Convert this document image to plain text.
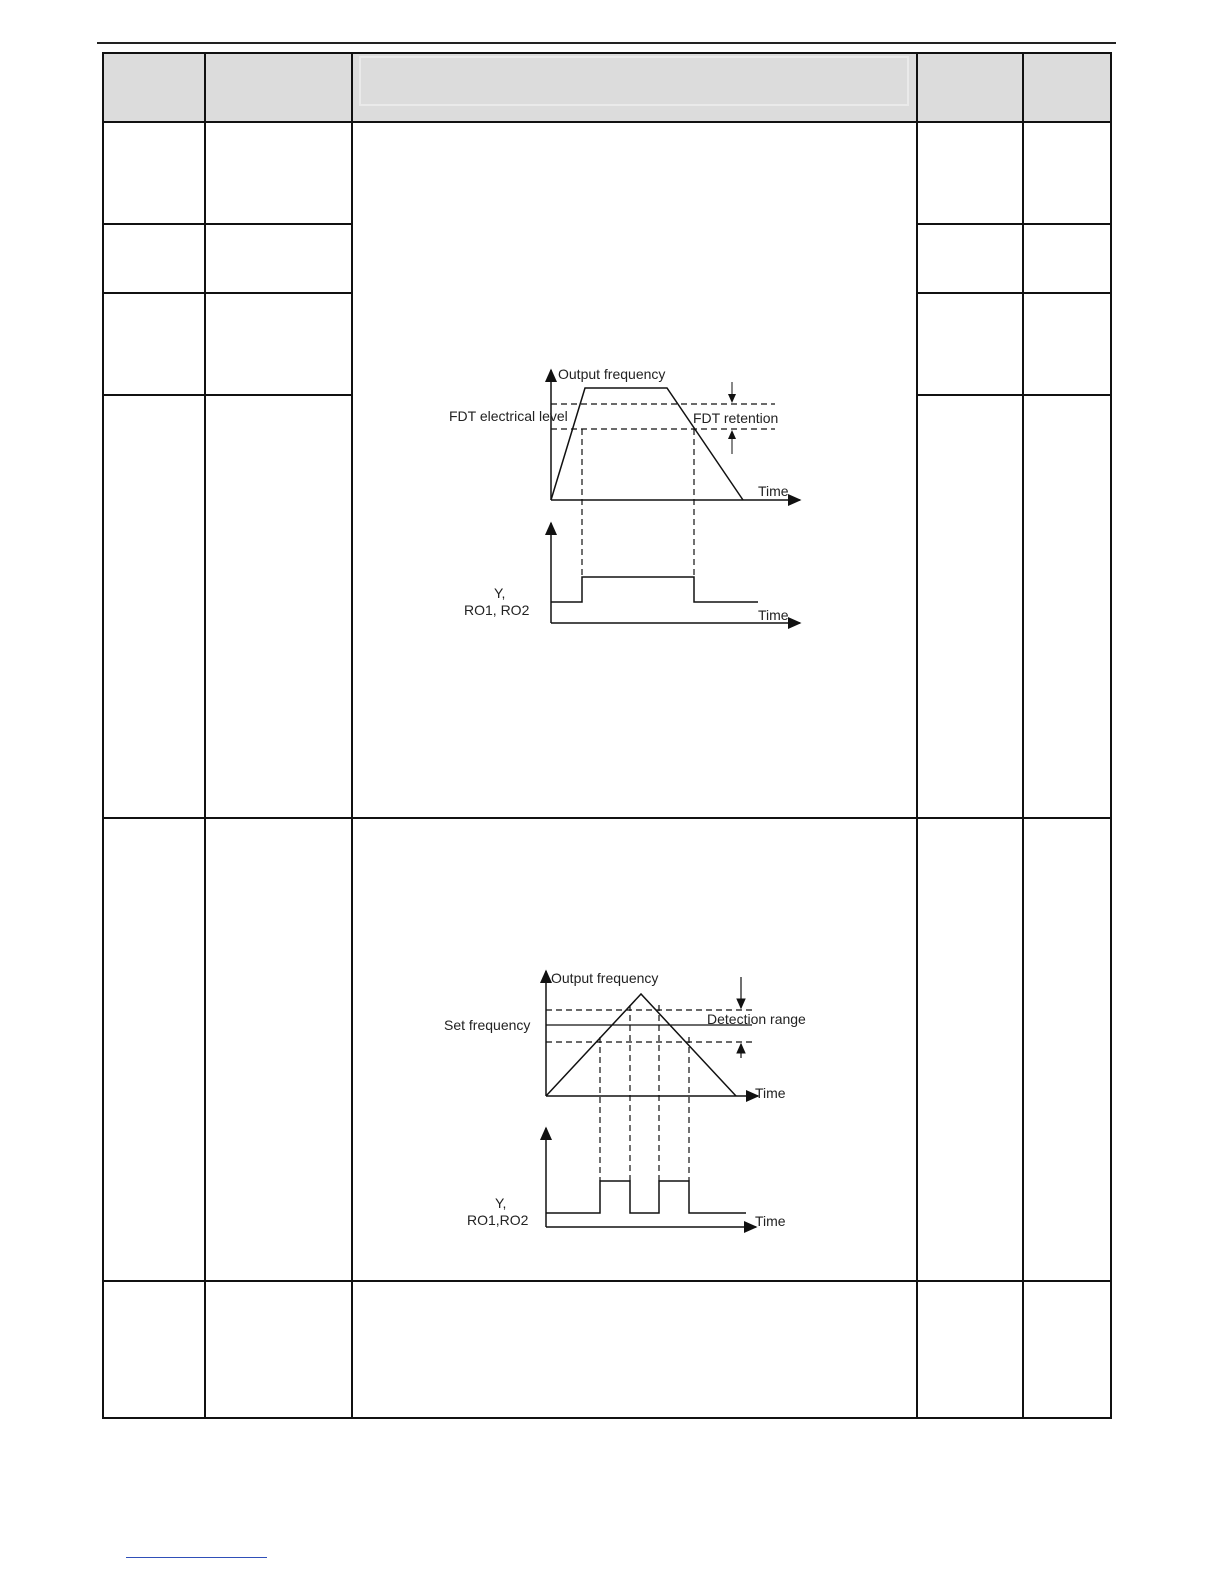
Output frequency
FDT electrical level	FDT retention
Time
Y,
RO1, RO2	Time
Output frequency
Set frequency	Detection range
Time
Y,
RO1,RO2	Time
